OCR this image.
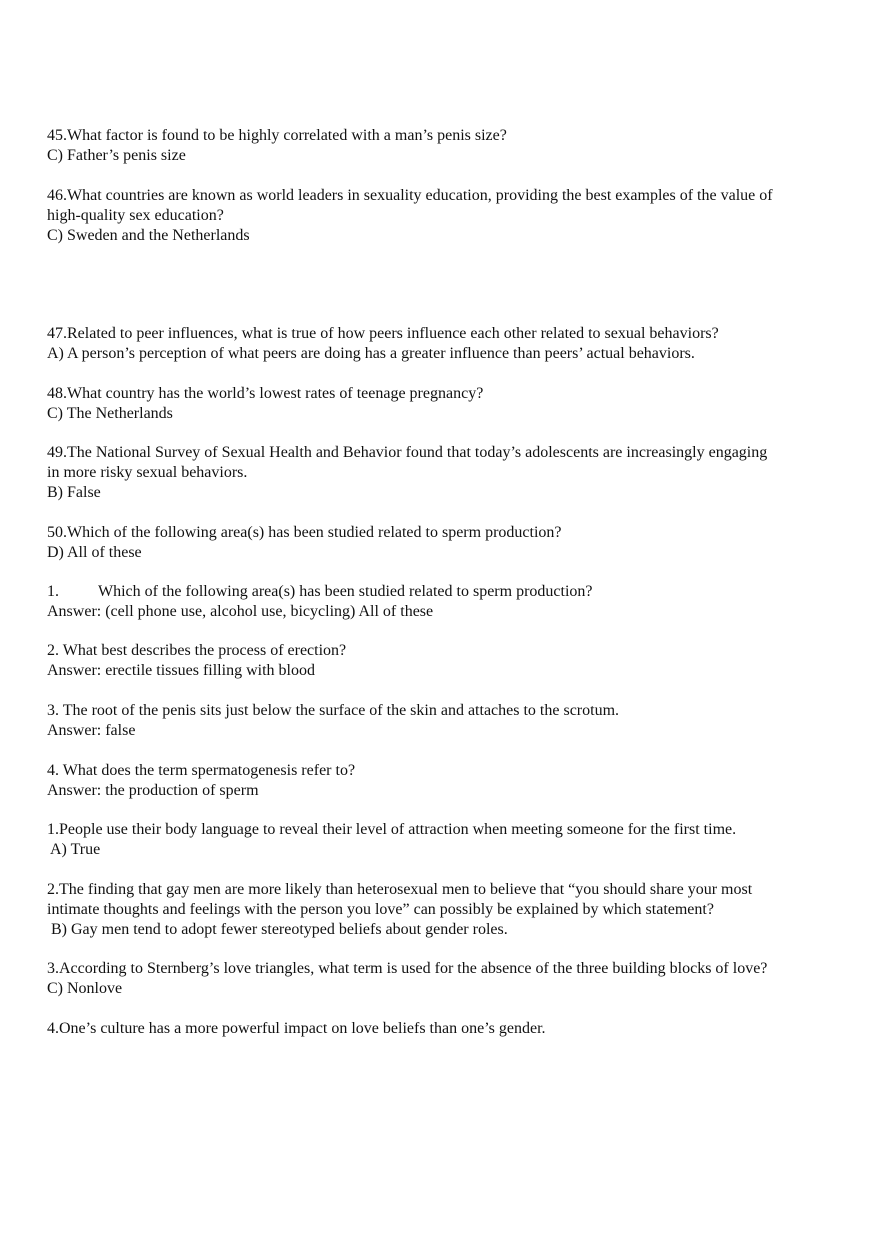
45.What factor is found to be highly correlated with a man’s penis size?
C) Father’s penis size
46.What countries are known as world leaders in sexuality education, providing the best examples of the value of
high-quality sex education?
C) Sweden and the Netherlands
47.Related to peer influences, what is true of how peers influence each other related to sexual behaviors?
A) A person’s perception of what peers are doing has a greater influence than peers’ actual behaviors.
48.What country has the world’s lowest rates of teenage pregnancy?
C) The Netherlands
49.The National Survey of Sexual Health and Behavior found that today’s adolescents are increasingly engaging
in more risky sexual behaviors.
B) False
50.Which of the following area(s) has been studied related to sperm production?
D) All of these
1. Which of the following area(s) has been studied related to sperm production?
Answer: (cell phone use, alcohol use, bicycling) All of these
2. What best describes the process of erection?
Answer: erectile tissues filling with blood
3. The root of the penis sits just below the surface of the skin and attaches to the scrotum.
Answer: false
4. What does the term spermatogenesis refer to?
Answer: the production of sperm
1.People use their body language to reveal their level of attraction when meeting someone for the first time.
A) True
2.The finding that gay men are more likely than heterosexual men to believe that “you should share your most
intimate thoughts and feelings with the person you love” can possibly be explained by which statement?
B) Gay men tend to adopt fewer stereotyped beliefs about gender roles.
3.According to Sternberg’s love triangles, what term is used for the absence of the three building blocks of love?
C) Nonlove
4.One’s culture has a more powerful impact on love beliefs than one’s gender.
